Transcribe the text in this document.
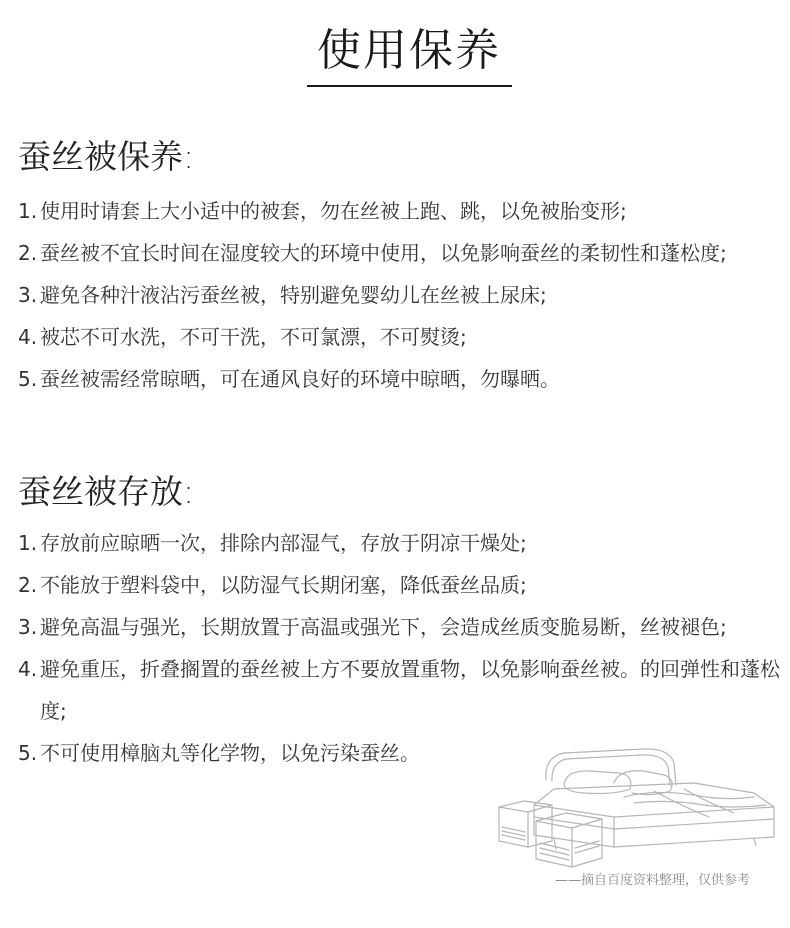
使用保养
蚕丝被保养:
1. 使用时请套上大小适中的被套，勿在丝被上跑、跳，以免被胎变形;
2. 蚕丝被不宜长时间在湿度较大的环境中使用，以免影响蚕丝的柔韧性和蓬松度;
3. 避免各种汁液沾污蚕丝被，特别避免婴幼儿在丝被上尿床;
4. 被芯不可水洗，不可干洗，不可氯漂，不可熨烫;
5. 蚕丝被需经常晾晒，可在通风良好的环境中晾晒，勿曝晒。
蚕丝被存放:
1. 存放前应晾晒一次，排除内部湿气，存放于阴凉干燥处;
2. 不能放于塑料袋中，以防湿气长期闭塞，降低蚕丝品质;
3. 避免高温与强光，长期放置于高温或强光下，会造成丝质变脆易断，丝被褪色;
4. 避免重压，折叠搁置的蚕丝被上方不要放置重物，以免影响蚕丝被。的回弹性和蓬松度;
5. 不可使用樟脑丸等化学物，以免污染蚕丝。
——摘自百度资料整理，仅供参考
